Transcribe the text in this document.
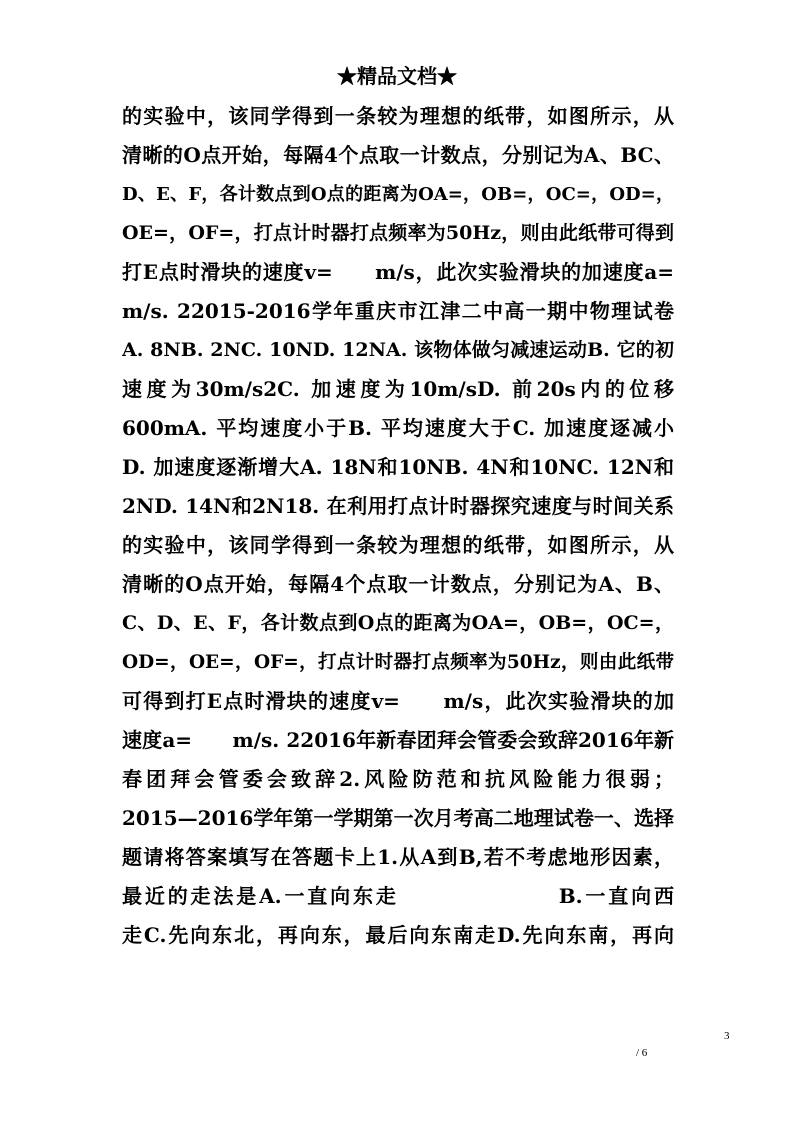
★精品文档★
的实验中，该同学得到一条较为理想的纸带，如图所示，从
清晰的O点开始，每隔4个点取一计数点，分别记为A、BC、
D、E、F，各计数点到O点的距离为OA=，OB=，OC=，OD=，
OE=，OF=，打点计时器打点频率为50Hz，则由此纸带可得到
打E点时滑块的速度v=　　m/s，此次实验滑块的加速度a=
m/s. 22015-2016学年重庆市江津二中高一期中物理试卷
A. 8NB. 2NC. 10ND. 12NA. 该物体做匀减速运动B. 它的初
速度为30m/s2C. 加速度为10m/sD. 前20s内的位移
600mA. 平均速度小于B. 平均速度大于C. 加速度逐减小
D. 加速度逐渐增大A. 18N和10NB. 4N和10NC. 12N和
2ND. 14N和2N18. 在利用打点计时器探究速度与时间关系
的实验中，该同学得到一条较为理想的纸带，如图所示，从
清晰的O点开始，每隔4个点取一计数点，分别记为A、B、
C、D、E、F，各计数点到O点的距离为OA=，OB=，OC=，
OD=，OE=，OF=，打点计时器打点频率为50Hz，则由此纸带
可得到打E点时滑块的速度v=　　m/s，此次实验滑块的加
速度a=　　m/s. 22016年新春团拜会管委会致辞2016年新
春团拜会管委会致辞2.风险防范和抗风险能力很弱；
2015—2016学年第一学期第一次月考高二地理试卷一、选择
题请将答案填写在答题卡上1.从A到B,若不考虑地形因素，
最近的走法是A.一直向东走　　　　　　　B.一直向西
走C.先向东北，再向东，最后向东南走D.先向东南，再向
3
/ 6
